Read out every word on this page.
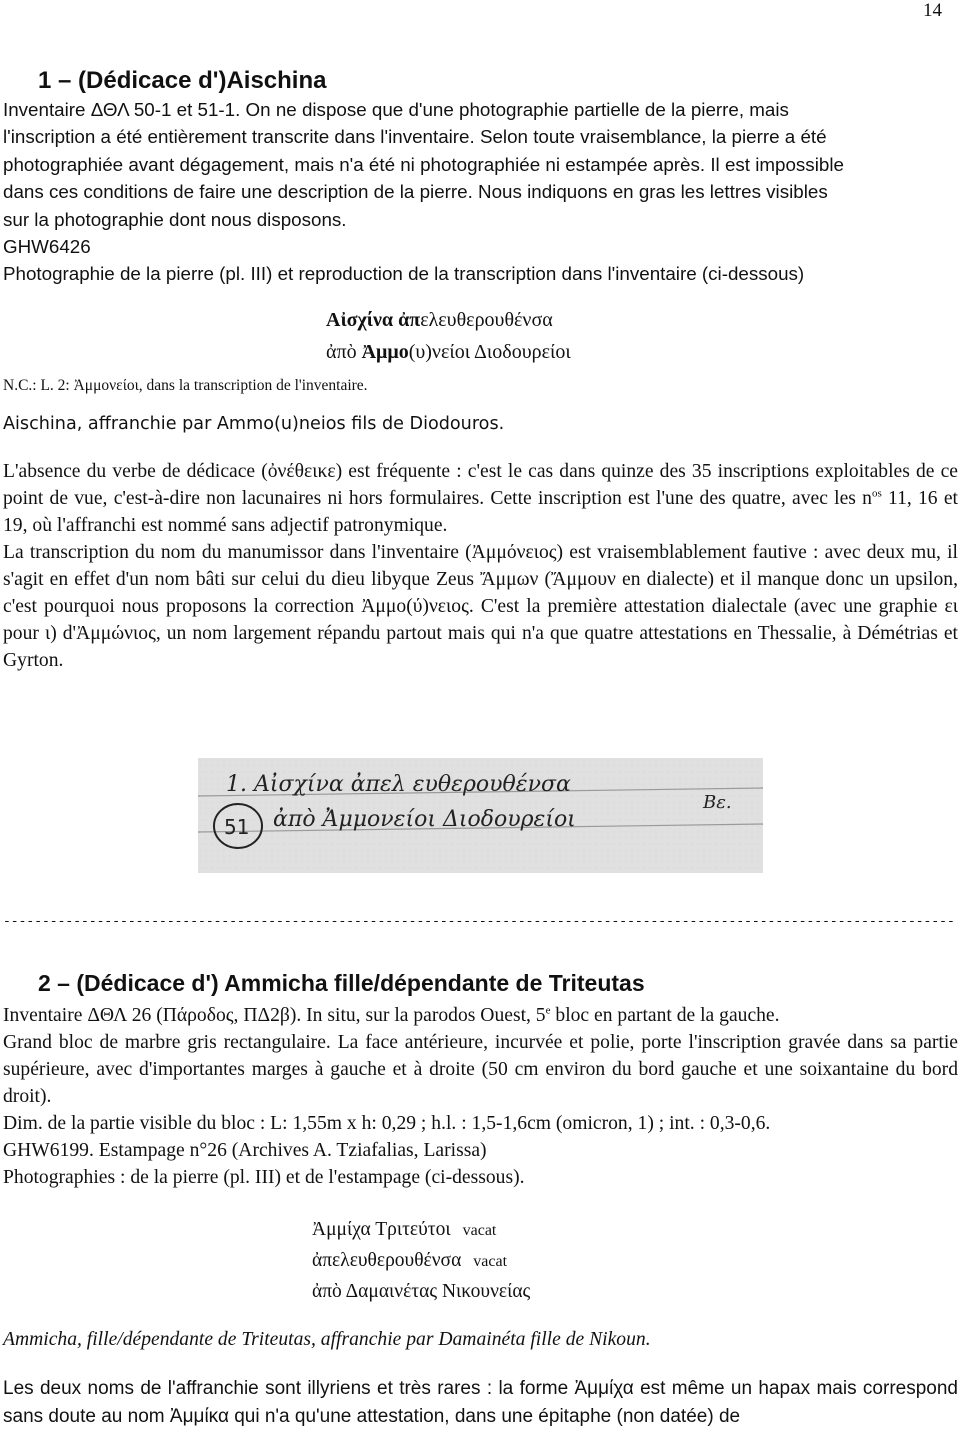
14
1 – (Dédicace d')Aischina
Inventaire ΔΘΛ 50-1 et 51-1. On ne dispose que d'une photographie partielle de la pierre, mais
l'inscription a été entièrement transcrite dans l'inventaire. Selon toute vraisemblance, la pierre a été
photographiée avant dégagement, mais n'a été ni photographiée ni estampée après. Il est impossible
dans ces conditions de faire une description de la pierre. Nous indiquons en gras les lettres visibles
sur la photographie dont nous disposons.
GHW6426
Photographie de la pierre (pl. III) et reproduction de la transcription dans l'inventaire (ci-dessous)
Αἰσχίνα ἀπελευθερουθένσα
ἀπὸ Ἀμμο(υ)νείοι Διοδουρείοι
N.C.: L. 2: Ἀμμονείοι, dans la transcription de l'inventaire.
Aischina, affranchie par Ammo(u)neios fils de Diodouros.

L'absence du verbe de dédicace (ὀνέθεικε) est fréquente : c'est le cas dans quinze des 35 inscriptions exploitables de ce point de vue, c'est-à-dire non lacunaires ni hors formulaires. Cette inscription est l'une des quatre, avec les $n^{os}$ 11, 16 et 19, où l'affranchi est nommé sans adjectif patronymique.

La transcription du nom du manumissor dans l'inventaire (Ἀμμόνειος) est vraisemblablement fautive : avec deux mu, il s'agit en effet d'un nom bâti sur celui du dieu libyque Zeus Ἄμμων (Ἄμμουν en dialecte) et il manque donc un upsilon, c'est pourquoi nous proposons la correction Ἀμμο(ύ)νειος. C'est la première attestation dialectale (avec une graphie ει pour ι) d'Ἀμμώνιος, un nom largement répandu partout mais qui n'a que quatre attestations en Thessalie, à Démétrias et Gyrton.

1. Αἰσχίνα ἀπελ ευθερουθένσα
ἀπὸ Ἀμμονείοι Διοδουρείοι
51
Βε.
--------------------------------------------------------------------------------------------------------------------------
2 – (Dédicace d') Ammicha fille/dépendante de Triteutas

Inventaire ΔΘΛ 26 (Πάροδος, ΠΔ2β). In situ, sur la parodos Ouest, 5e bloc en partant de la gauche.

Grand bloc de marbre gris rectangulaire. La face antérieure, incurvée et polie, porte l'inscription gravée dans sa partie supérieure, avec d'importantes marges à gauche et à droite (50 cm environ du bord gauche et une soixantaine du bord droit).

Dim. de la partie visible du bloc : L: 1,55m x h: 0,29 ; h.l. : 1,5-1,6cm (omicron, 1) ; int. : 0,3-0,6.

GHW6199. Estampage n°26 (Archives A. Tziafalias, Larissa)

Photographies : de la pierre (pl. III) et de l'estampage (ci-dessous).

Ἀμμίχα Τριτεύτοι vacat
ἀπελευθερουθένσα vacat
ἀπὸ Δαμαινέτας Νικουνείας
Ammicha, fille/dépendante de Triteutas, affranchie par Damainéta fille de Nikoun.
Les deux noms de l'affranchie sont illyriens et très rares : la forme Ἀμμίχα est même un hapax mais correspond sans doute au nom Ἀμμίκα qui n'a qu'une attestation, dans une épitaphe (non datée) de
